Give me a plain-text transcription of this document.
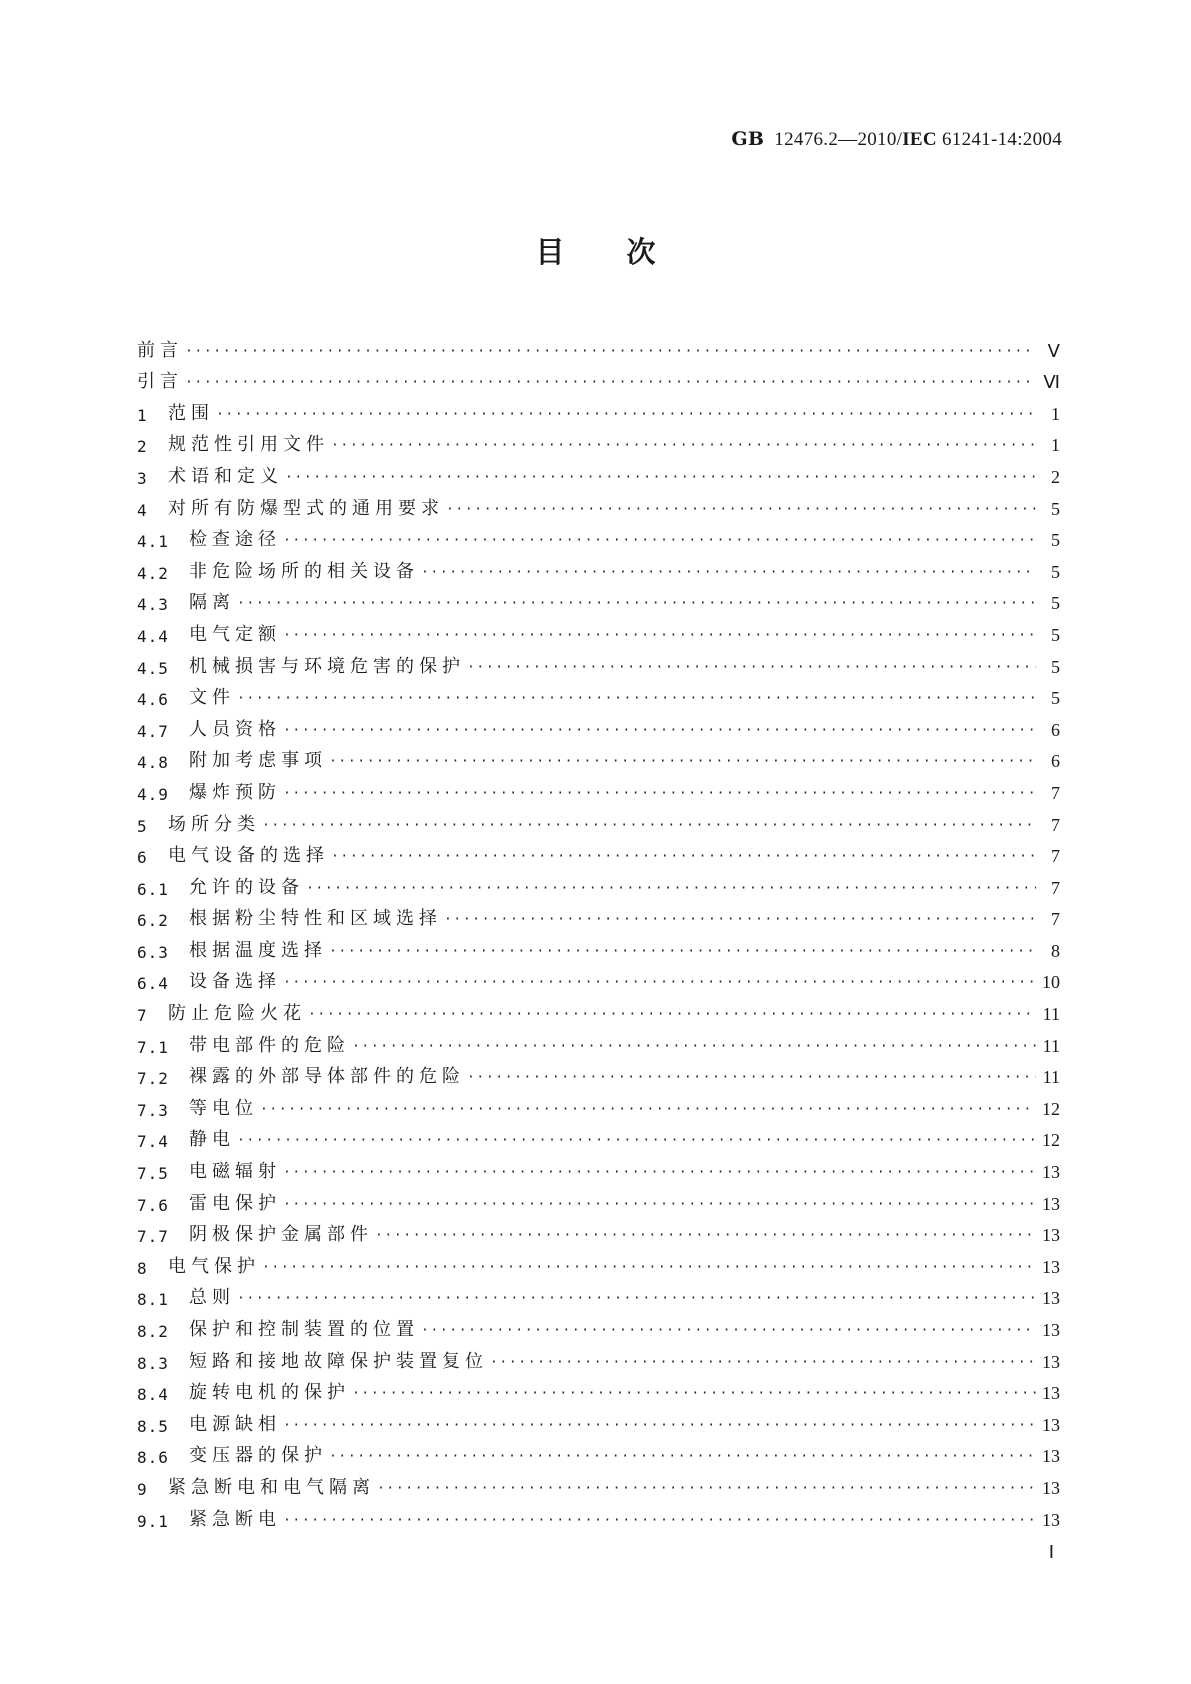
GB 12476.2—2010/IEC 61241-14:2004
目次
前言 ·····	Ⅴ
引言 ·····	Ⅵ
1	范围 ·····	1
2	规范性引用文件 ·····	1
3	术语和定义 ·····	2
4	对所有防爆型式的通用要求 ·····	5
4.1	检查途径 ·····	5
4.2	非危险场所的相关设备 ·····	5
4.3	隔离 ·····	5
4.4	电气定额 ·····	5
4.5	机械损害与环境危害的保护 ·····	5
4.6	文件 ·····	5
4.7	人员资格 ·····	6
4.8	附加考虑事项 ·····	6
4.9	爆炸预防 ·····	7
5	场所分类 ·····	7
6	电气设备的选择 ·····	7
6.1	允许的设备 ·····	7
6.2	根据粉尘特性和区域选择 ·····	7
6.3	根据温度选择 ·····	8
6.4	设备选择 ·····	10
7	防止危险火花 ·····	11
7.1	带电部件的危险 ·····	11
7.2	裸露的外部导体部件的危险 ·····	11
7.3	等电位 ·····	12
7.4	静电 ·····	12
7.5	电磁辐射 ·····	13
7.6	雷电保护 ·····	13
7.7	阴极保护金属部件 ·····	13
8	电气保护 ·····	13
8.1	总则 ·····	13
8.2	保护和控制装置的位置 ·····	13
8.3	短路和接地故障保护装置复位 ·····	13
8.4	旋转电机的保护 ·····	13
8.5	电源缺相 ·····	13
8.6	变压器的保护 ·····	13
9	紧急断电和电气隔离 ·····	13
9.1	紧急断电 ·····	13
Ⅰ
